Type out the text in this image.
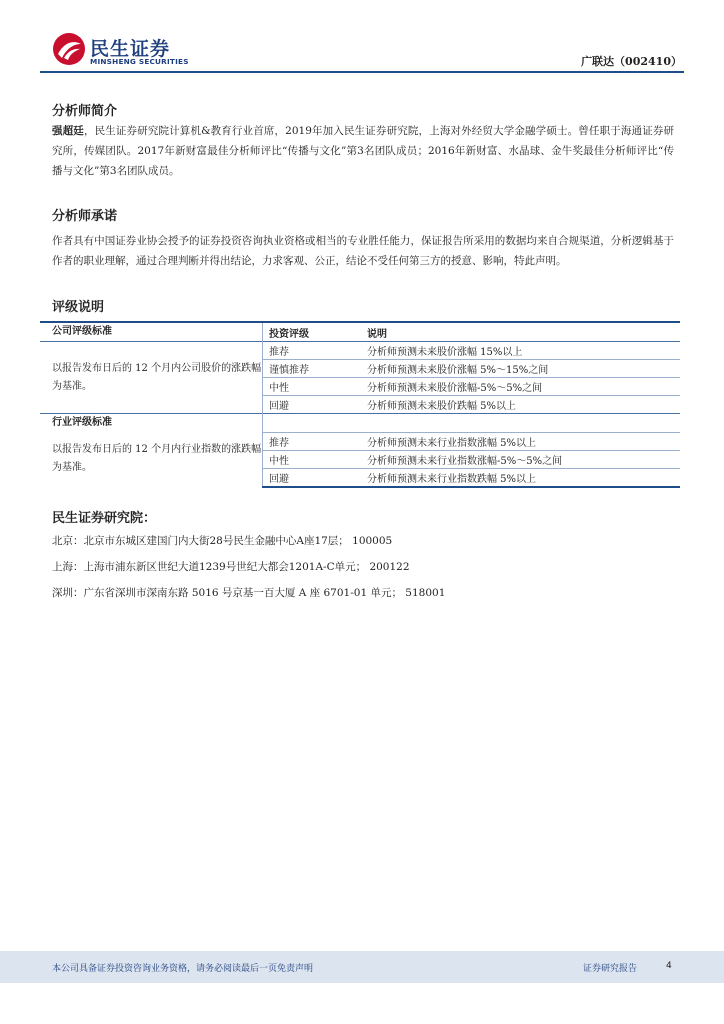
民生证券
MINSHENG SECURITIES	广联达（002410）
分析师简介
强超廷，民生证券研究院计算机&教育行业首席，2019年加入民生证券研究院，上海对外经贸大学金融学硕士。曾任职于海通证券研究所，传媒团队。2017年新财富最佳分析师评比“传播与文化”第3名团队成员；2016年新财富、水晶球、金牛奖最佳分析师评比“传播与文化”第3名团队成员。
分析师承诺
作者具有中国证券业协会授予的证券投资咨询执业资格或相当的专业胜任能力，保证报告所采用的数据均来自合规渠道，分析逻辑基于作者的职业理解，通过合理判断并得出结论，力求客观、公正，结论不受任何第三方的授意、影响，特此声明。
评级说明
公司评级标准	投资评级	说明
以报告发布日后的 12 个月内公司股价的涨跌幅为基准。	推荐	分析师预测未来股价涨幅 15%以上
	谨慎推荐	分析师预测未来股价涨幅 5%～15%之间
	中性	分析师预测未来股价涨幅-5%～5%之间
	回避	分析师预测未来股价跌幅 5%以上
行业评级标准		
以报告发布日后的 12 个月内行业指数的涨跌幅为基准。	推荐	分析师预测未来行业指数涨幅 5%以上
	中性	分析师预测未来行业指数涨幅-5%～5%之间
	回避	分析师预测未来行业指数跌幅 5%以上
民生证券研究院：
北京：北京市东城区建国门内大街28号民生金融中心A座17层； 100005
上海：上海市浦东新区世纪大道1239号世纪大都会1201A-C单元； 200122
深圳：广东省深圳市深南东路 5016 号京基一百大厦 A 座 6701-01 单元； 518001
本公司具备证券投资咨询业务资格，请务必阅读最后一页免责声明	证券研究报告	4
